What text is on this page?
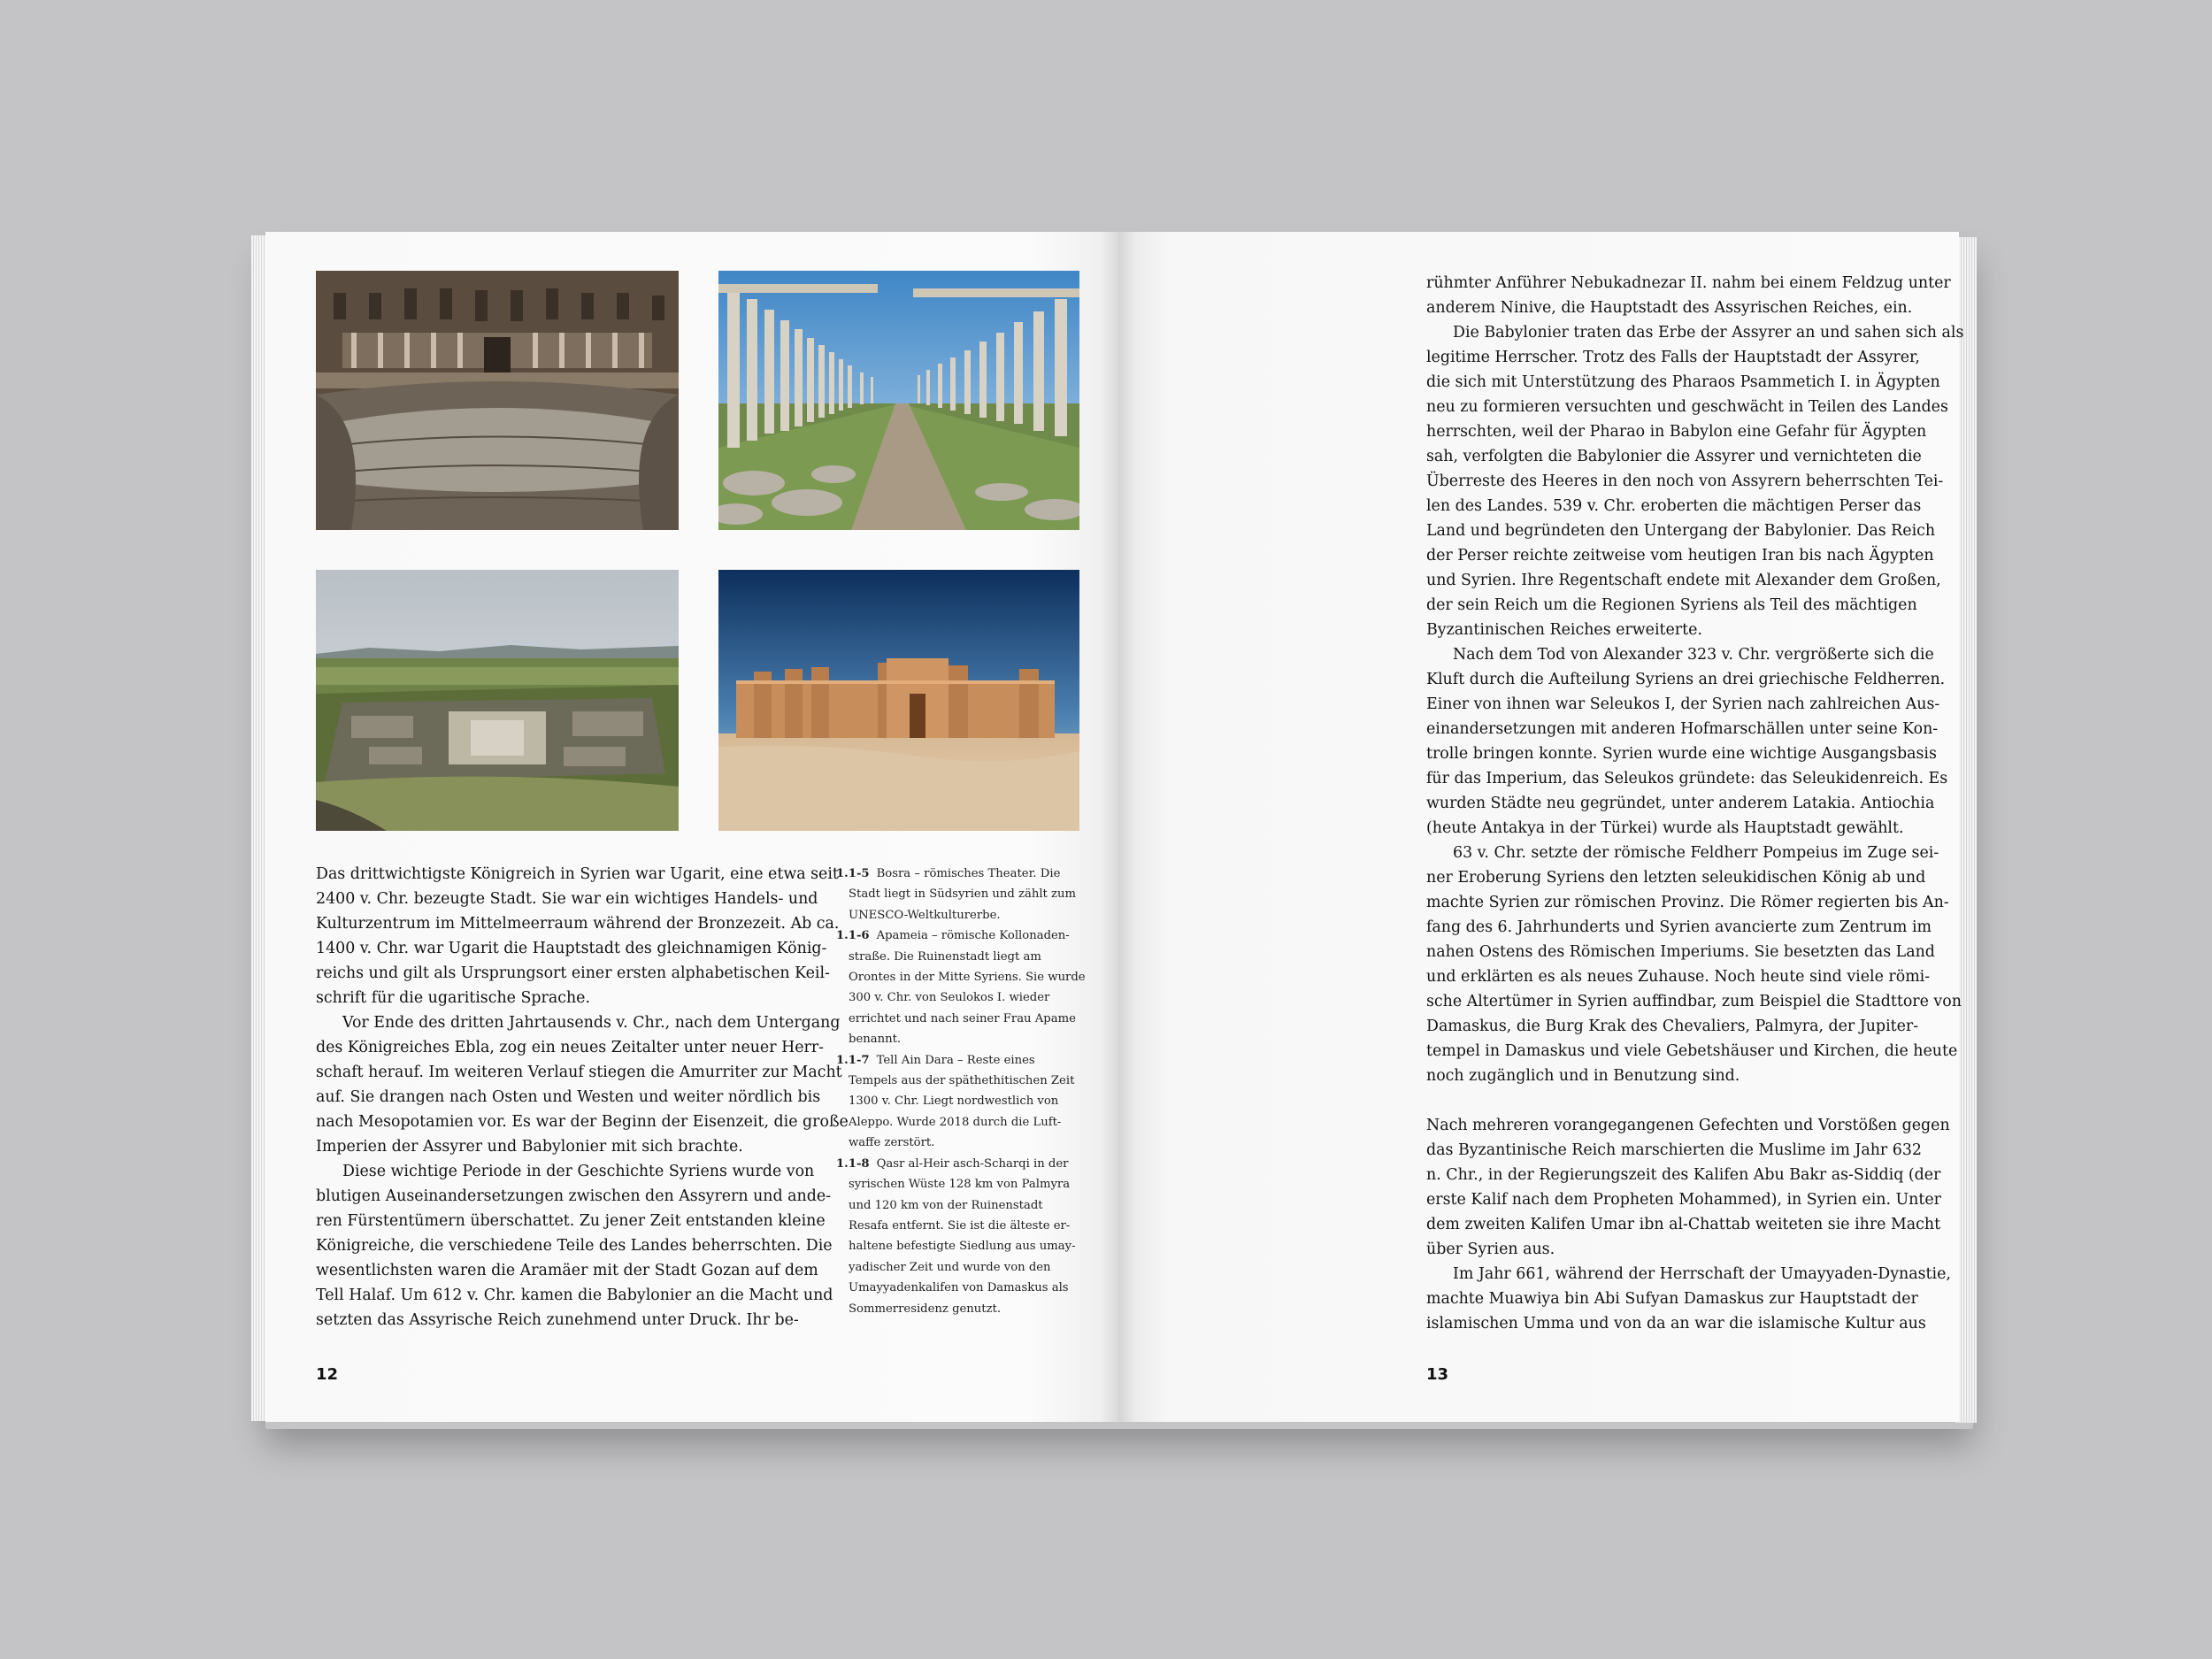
Das drittwichtigste Königreich in Syrien war Ugarit, eine etwa seit

2400 v. Chr. bezeugte Stadt. Sie war ein wichtiges Handels- und

Kulturzentrum im Mittelmeerraum während der Bronzezeit. Ab ca.

1400 v. Chr. war Ugarit die Hauptstadt des gleichnamigen König-

reichs und gilt als Ursprungsort einer ersten alphabetischen Keil-

schrift für die ugaritische Sprache.

Vor Ende des dritten Jahrtausends v. Chr., nach dem Untergang

des Königreiches Ebla, zog ein neues Zeitalter unter neuer Herr-

schaft herauf. Im weiteren Verlauf stiegen die Amurriter zur Macht

auf. Sie drangen nach Osten und Westen und weiter nördlich bis

nach Mesopotamien vor. Es war der Beginn der Eisenzeit, die große

Imperien der Assyrer und Babylonier mit sich brachte.

Diese wichtige Periode in der Geschichte Syriens wurde von

blutigen Auseinandersetzungen zwischen den Assyrern und ande-

ren Fürstentümern überschattet. Zu jener Zeit entstanden kleine

Königreiche, die verschiedene Teile des Landes beherrschten. Die

wesentlichsten waren die Aramäer mit der Stadt Gozan auf dem

Tell Halaf. Um 612 v. Chr. kamen die Babylonier an die Macht und

setzten das Assyrische Reich zunehmend unter Druck. Ihr be-

1.1-5 Bosra – römisches Theater. Die
Stadt liegt in Südsyrien und zählt zum
UNESCO-Weltkulturerbe.

1.1-6 Apameia – römische Kollonaden-
straße. Die Ruinenstadt liegt am
Orontes in der Mitte Syriens. Sie wurde
300 v. Chr. von Seulokos I. wieder
errichtet und nach seiner Frau Apame
benannt.

1.1-7 Tell Ain Dara – Reste eines
Tempels aus der späthethitischen Zeit
1300 v. Chr. Liegt nordwestlich von
Aleppo. Wurde 2018 durch die Luft-
waffe zerstört.

1.1-8 Qasr al-Heir asch-Scharqi in der
syrischen Wüste 128 km von Palmyra
und 120 km von der Ruinenstadt
Resafa entfernt. Sie ist die älteste er-
haltene befestigte Siedlung aus umay-
yadischer Zeit und wurde von den
Umayyadenkalifen von Damaskus als
Sommerresidenz genutzt.

rühmter Anführer Nebukadnezar II. nahm bei einem Feldzug unter

anderem Ninive, die Hauptstadt des Assyrischen Reiches, ein.

Die Babylonier traten das Erbe der Assyrer an und sahen sich als

legitime Herrscher. Trotz des Falls der Hauptstadt der Assyrer,

die sich mit Unterstützung des Pharaos Psammetich I. in Ägypten

neu zu formieren versuchten und geschwächt in Teilen des Landes

herrschten, weil der Pharao in Babylon eine Gefahr für Ägypten

sah, verfolgten die Babylonier die Assyrer und vernichteten die

Überreste des Heeres in den noch von Assyrern beherrschten Tei-

len des Landes. 539 v. Chr. eroberten die mächtigen Perser das

Land und begründeten den Untergang der Babylonier. Das Reich

der Perser reichte zeitweise vom heutigen Iran bis nach Ägypten

und Syrien. Ihre Regentschaft endete mit Alexander dem Großen,

der sein Reich um die Regionen Syriens als Teil des mächtigen

Byzantinischen Reiches erweiterte.

Nach dem Tod von Alexander 323 v. Chr. vergrößerte sich die

Kluft durch die Aufteilung Syriens an drei griechische Feldherren.

Einer von ihnen war Seleukos I, der Syrien nach zahlreichen Aus-

einandersetzungen mit anderen Hofmarschällen unter seine Kon-

trolle bringen konnte. Syrien wurde eine wichtige Ausgangsbasis

für das Imperium, das Seleukos gründete: das Seleukidenreich. Es

wurden Städte neu gegründet, unter anderem Latakia. Antiochia

(heute Antakya in der Türkei) wurde als Hauptstadt gewählt.

63 v. Chr. setzte der römische Feldherr Pompeius im Zuge sei-

ner Eroberung Syriens den letzten seleukidischen König ab und

machte Syrien zur römischen Provinz. Die Römer regierten bis An-

fang des 6. Jahrhunderts und Syrien avancierte zum Zentrum im

nahen Ostens des Römischen Imperiums. Sie besetzten das Land

und erklärten es als neues Zuhause. Noch heute sind viele römi-

sche Altertümer in Syrien auffindbar, zum Beispiel die Stadttore von

Damaskus, die Burg Krak des Chevaliers, Palmyra, der Jupiter-

tempel in Damaskus und viele Gebetshäuser und Kirchen, die heute

noch zugänglich und in Benutzung sind.

Nach mehreren vorangegangenen Gefechten und Vorstößen gegen

das Byzantinische Reich marschierten die Muslime im Jahr 632

n. Chr., in der Regierungszeit des Kalifen Abu Bakr as-Siddiq (der

erste Kalif nach dem Propheten Mohammed), in Syrien ein. Unter

dem zweiten Kalifen Umar ibn al-Chattab weiteten sie ihre Macht

über Syrien aus.

Im Jahr 661, während der Herrschaft der Umayyaden-Dynastie,

machte Muawiya bin Abi Sufyan Damaskus zur Hauptstadt der

islamischen Umma und von da an war die islamische Kultur aus

12	13
